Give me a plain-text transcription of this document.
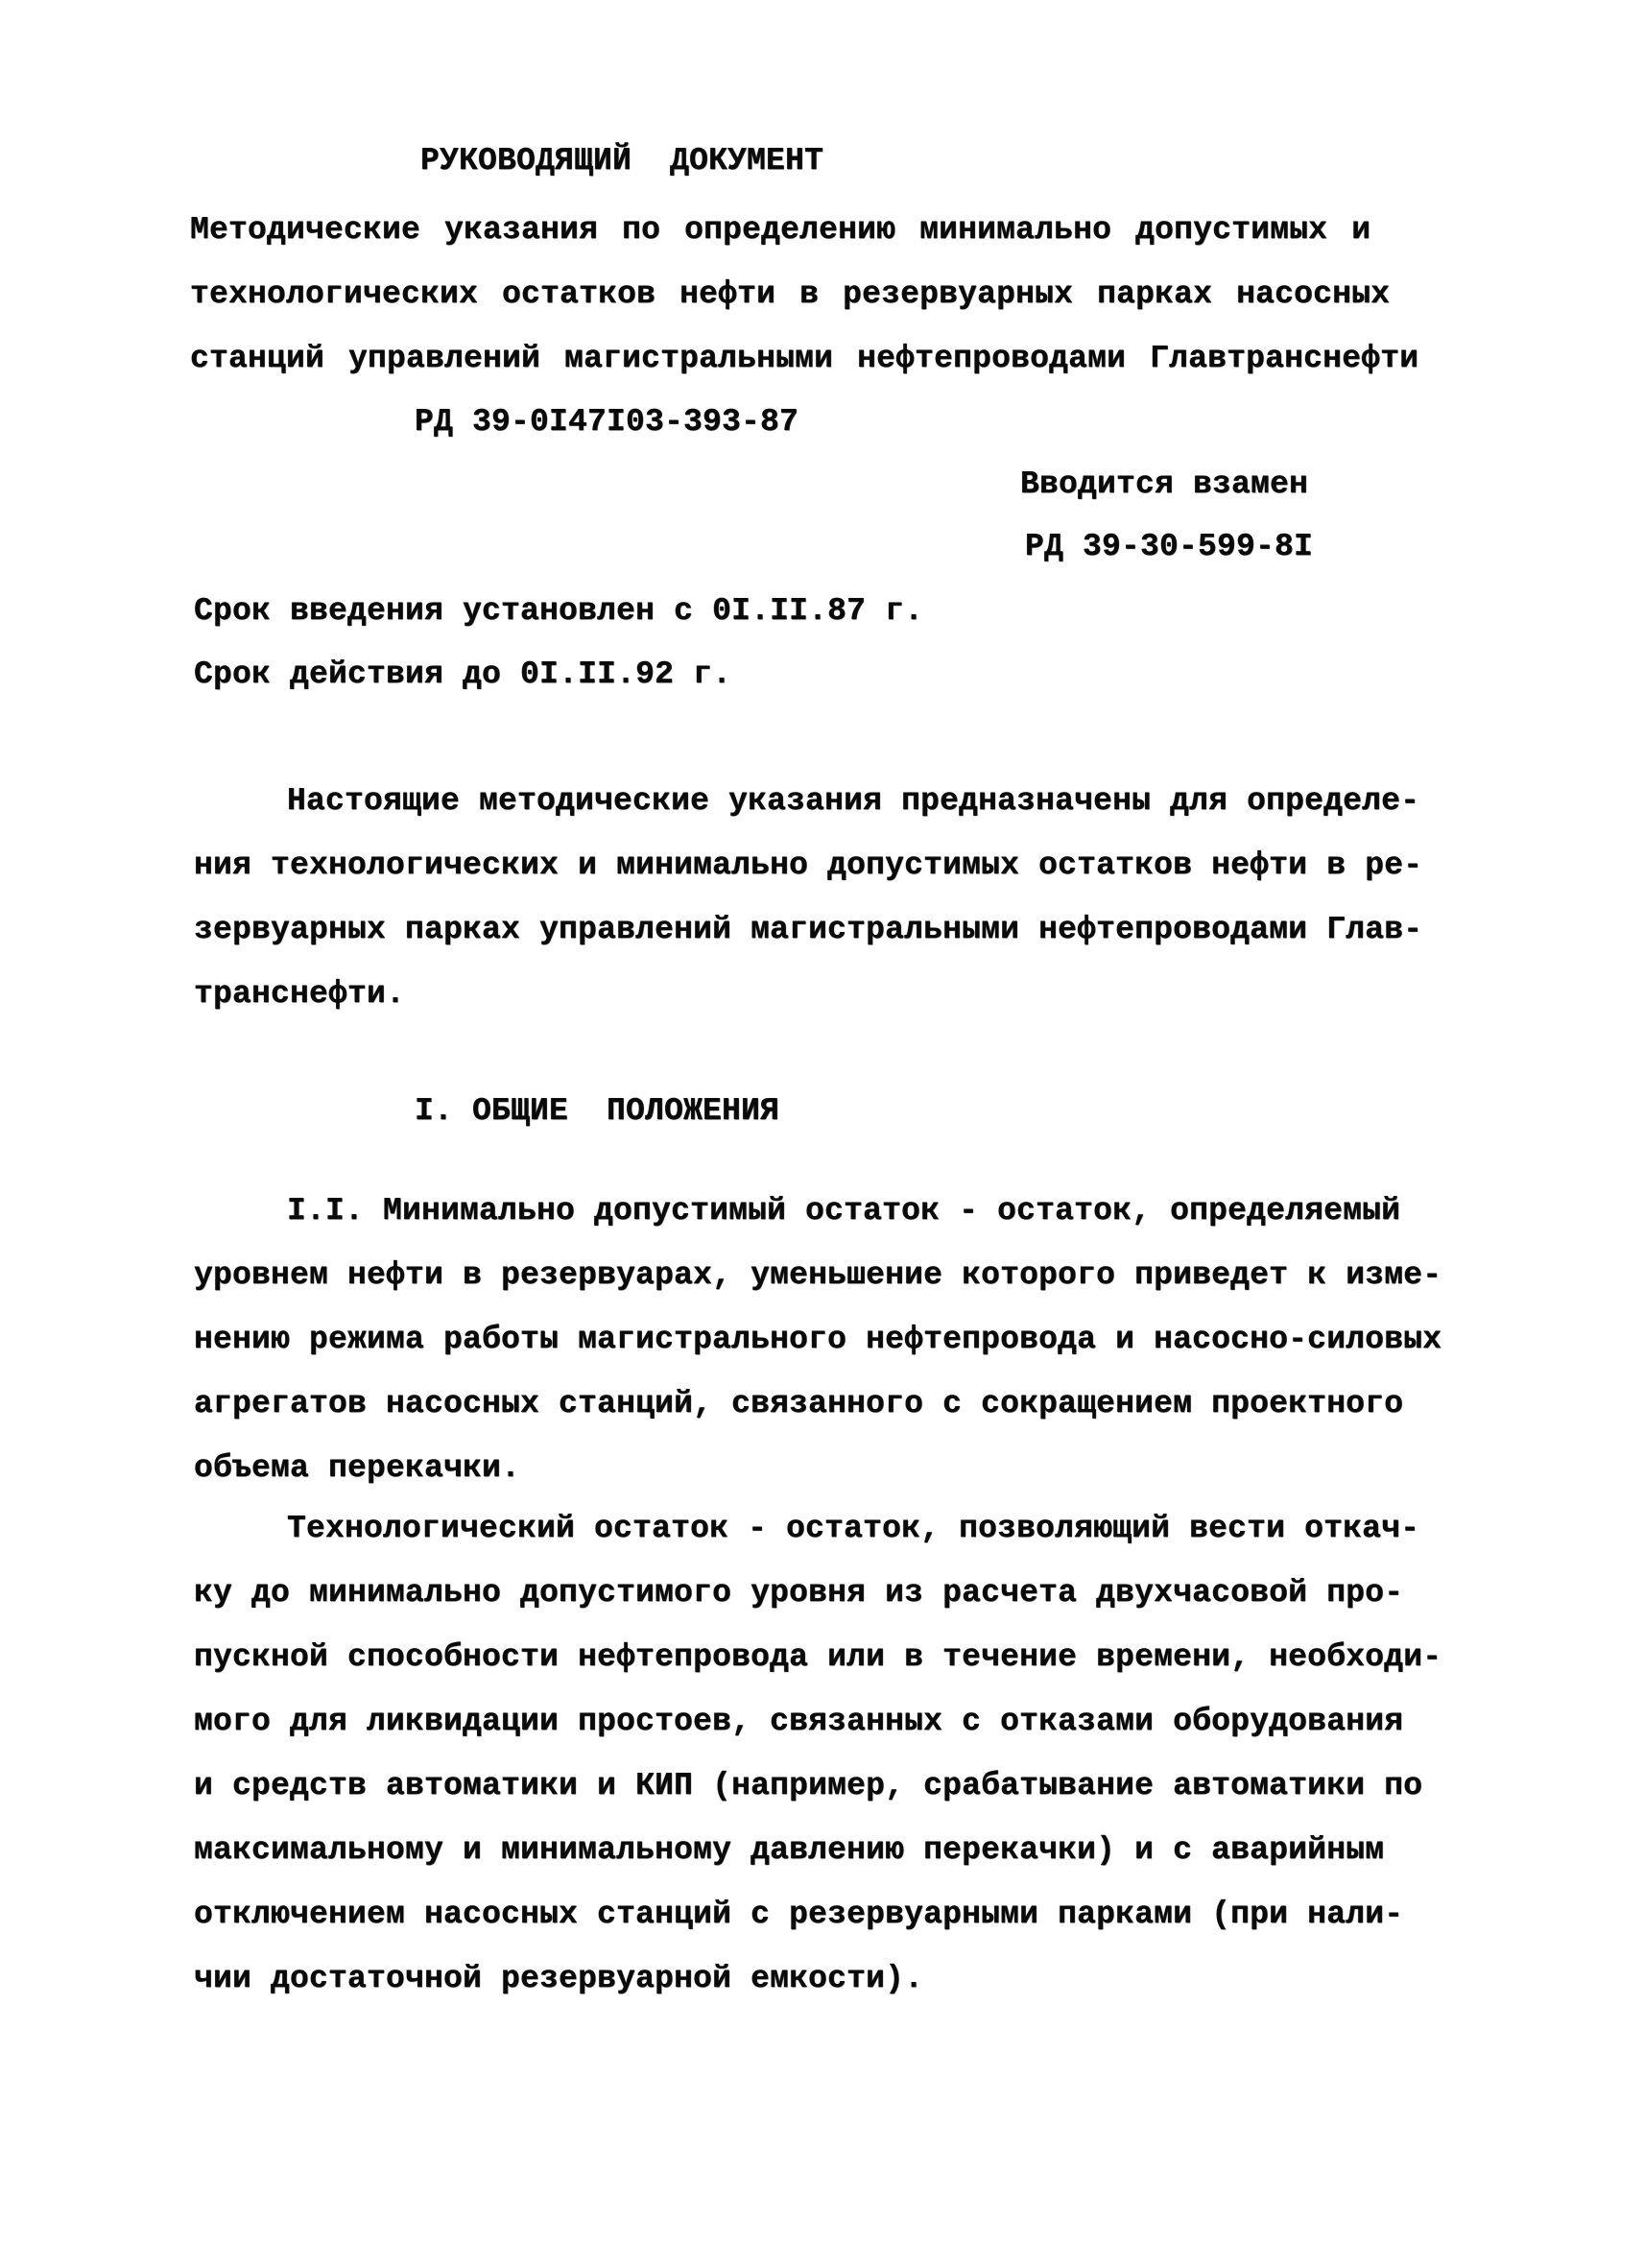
РУКОВОДЯЩИЙ  ДОКУМЕНТ
Методические указания по определению минимально допустимых и
технологических остатков нефти в резервуарных парках насосных
станций управлений магистральными нефтепроводами Главтранснефти
РД 39-0I47I03-393-87
Вводится взамен
РД 39-30-599-8I
Срок введения установлен с 0I.II.87 г.
Срок действия до 0I.II.92 г.
Настоящие методические указания предназначены для определе-
ния технологических и минимально допустимых остатков нефти в ре-
зервуарных парках управлений магистральными нефтепроводами Глав-
транснефти.
I. ОБЩИЕ  ПОЛОЖЕНИЯ
I.I. Минимально допустимый остаток - остаток, определяемый
уровнем нефти в резервуарах, уменьшение которого приведет к изме-
нению режима работы магистрального нефтепровода и насосно-силовых
агрегатов насосных станций, связанного с сокращением проектного
объема перекачки.
Технологический остаток - остаток, позволяющий вести откач-
ку до минимально допустимого уровня из расчета двухчасовой про-
пускной способности нефтепровода или в течение времени, необходи-
мого для ликвидации простоев, связанных с отказами оборудования
и средств автоматики и КИП (например, срабатывание автоматики по
максимальному и минимальному давлению перекачки) и с аварийным
отключением насосных станций с резервуарными парками (при нали-
чии достаточной резервуарной емкости).
